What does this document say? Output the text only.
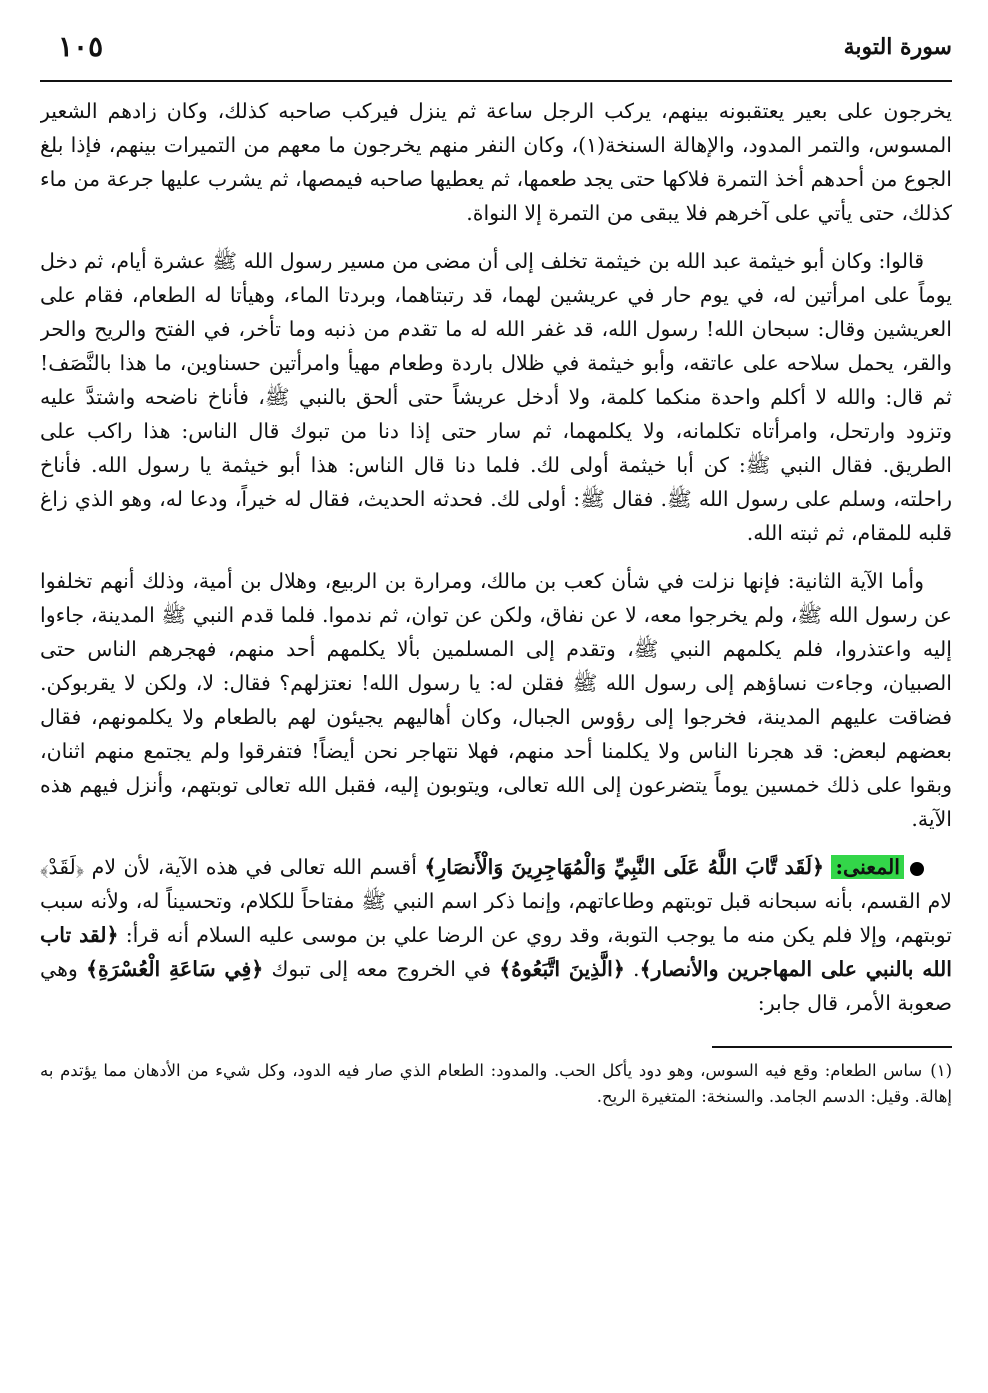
سورة التوبة
١٠٥

يخرجون على بعير يعتقبونه بينهم، يركب الرجل ساعة ثم ينزل فيركب صاحبه كذلك، وكان زادهم الشعير المسوس، والتمر المدود، والإهالة السنخة(١)، وكان النفر منهم يخرجون ما معهم من التميرات بينهم، فإذا بلغ الجوع من أحدهم أخذ التمرة فلاكها حتى يجد طعمها، ثم يعطيها صاحبه فيمصها، ثم يشرب عليها جرعة من ماء كذلك، حتى يأتي على آخرهم فلا يبقى من التمرة إلا النواة.

قالوا: وكان أبو خيثمة عبد الله بن خيثمة تخلف إلى أن مضى من مسير رسول الله ﷺ عشرة أيام، ثم دخل يوماً على امرأتين له، في يوم حار في عريشين لهما، قد رتبتاهما، وبردتا الماء، وهيأتا له الطعام، فقام على العريشين وقال: سبحان الله! رسول الله، قد غفر الله له ما تقدم من ذنبه وما تأخر، في الفتح والريح والحر والقر، يحمل سلاحه على عاتقه، وأبو خيثمة في ظلال باردة وطعام مهيأ وامرأتين حسناوين، ما هذا بالنَّصَف! ثم قال: والله لا أكلم واحدة منكما كلمة، ولا أدخل عريشاً حتى ألحق بالنبي ﷺ، فأناخ ناضحه واشتدَّ عليه وتزود وارتحل، وامرأتاه تكلمانه، ولا يكلمهما، ثم سار حتى إذا دنا من تبوك قال الناس: هذا راكب على الطريق. فقال النبي ﷺ: كن أبا خيثمة أولى لك. فلما دنا قال الناس: هذا أبو خيثمة يا رسول الله. فأناخ راحلته، وسلم على رسول الله ﷺ. فقال ﷺ: أولى لك. فحدثه الحديث، فقال له خيراً، ودعا له، وهو الذي زاغ قلبه للمقام، ثم ثبته الله.

وأما الآية الثانية: فإنها نزلت في شأن كعب بن مالك، ومرارة بن الربيع، وهلال بن أمية، وذلك أنهم تخلفوا عن رسول الله ﷺ، ولم يخرجوا معه، لا عن نفاق، ولكن عن توان، ثم ندموا. فلما قدم النبي ﷺ المدينة، جاءوا إليه واعتذروا، فلم يكلمهم النبي ﷺ، وتقدم إلى المسلمين بألا يكلمهم أحد منهم، فهجرهم الناس حتى الصبيان، وجاءت نساؤهم إلى رسول الله ﷺ فقلن له: يا رسول الله! نعتزلهم؟ فقال: لا، ولكن لا يقربوكن. فضاقت عليهم المدينة، فخرجوا إلى رؤوس الجبال، وكان أهاليهم يجيئون لهم بالطعام ولا يكلمونهم، فقال بعضهم لبعض: قد هجرنا الناس ولا يكلمنا أحد منهم، فهلا نتهاجر نحن أيضاً! فتفرقوا ولم يجتمع منهم اثنان، وبقوا على ذلك خمسين يوماً يتضرعون إلى الله تعالى، ويتوبون إليه، فقبل الله تعالى توبتهم، وأنزل فيهم هذه الآية.

المعنى: ﴿لَقَد تَّابَ اللَّهُ عَلَى النَّبِيِّ وَالْمُهَاجِرِينَ وَالْأَنصَارِ﴾ أقسم الله تعالى في هذه الآية، لأن لام ﴿لَقَدْ﴾ لام القسم، بأنه سبحانه قبل توبتهم وطاعاتهم، وإنما ذكر اسم النبي ﷺ مفتاحاً للكلام، وتحسيناً له، ولأنه سبب توبتهم، وإلا فلم يكن منه ما يوجب التوبة، وقد روي عن الرضا علي بن موسى عليه السلام أنه قرأ: ﴿لقد تاب الله بالنبي على المهاجرين والأنصار﴾. ﴿الَّذِينَ اتَّبَعُوهُ﴾ في الخروج معه إلى تبوك ﴿فِي سَاعَةِ الْعُسْرَةِ﴾ وهي صعوبة الأمر، قال جابر:

(١)ساس الطعام: وقع فيه السوس، وهو دود يأكل الحب. والمدود: الطعام الذي صار فيه الدود، وكل شيء من الأدهان مما يؤتدم به إهالة. وقيل: الدسم الجامد. والسنخة: المتغيرة الريح.
